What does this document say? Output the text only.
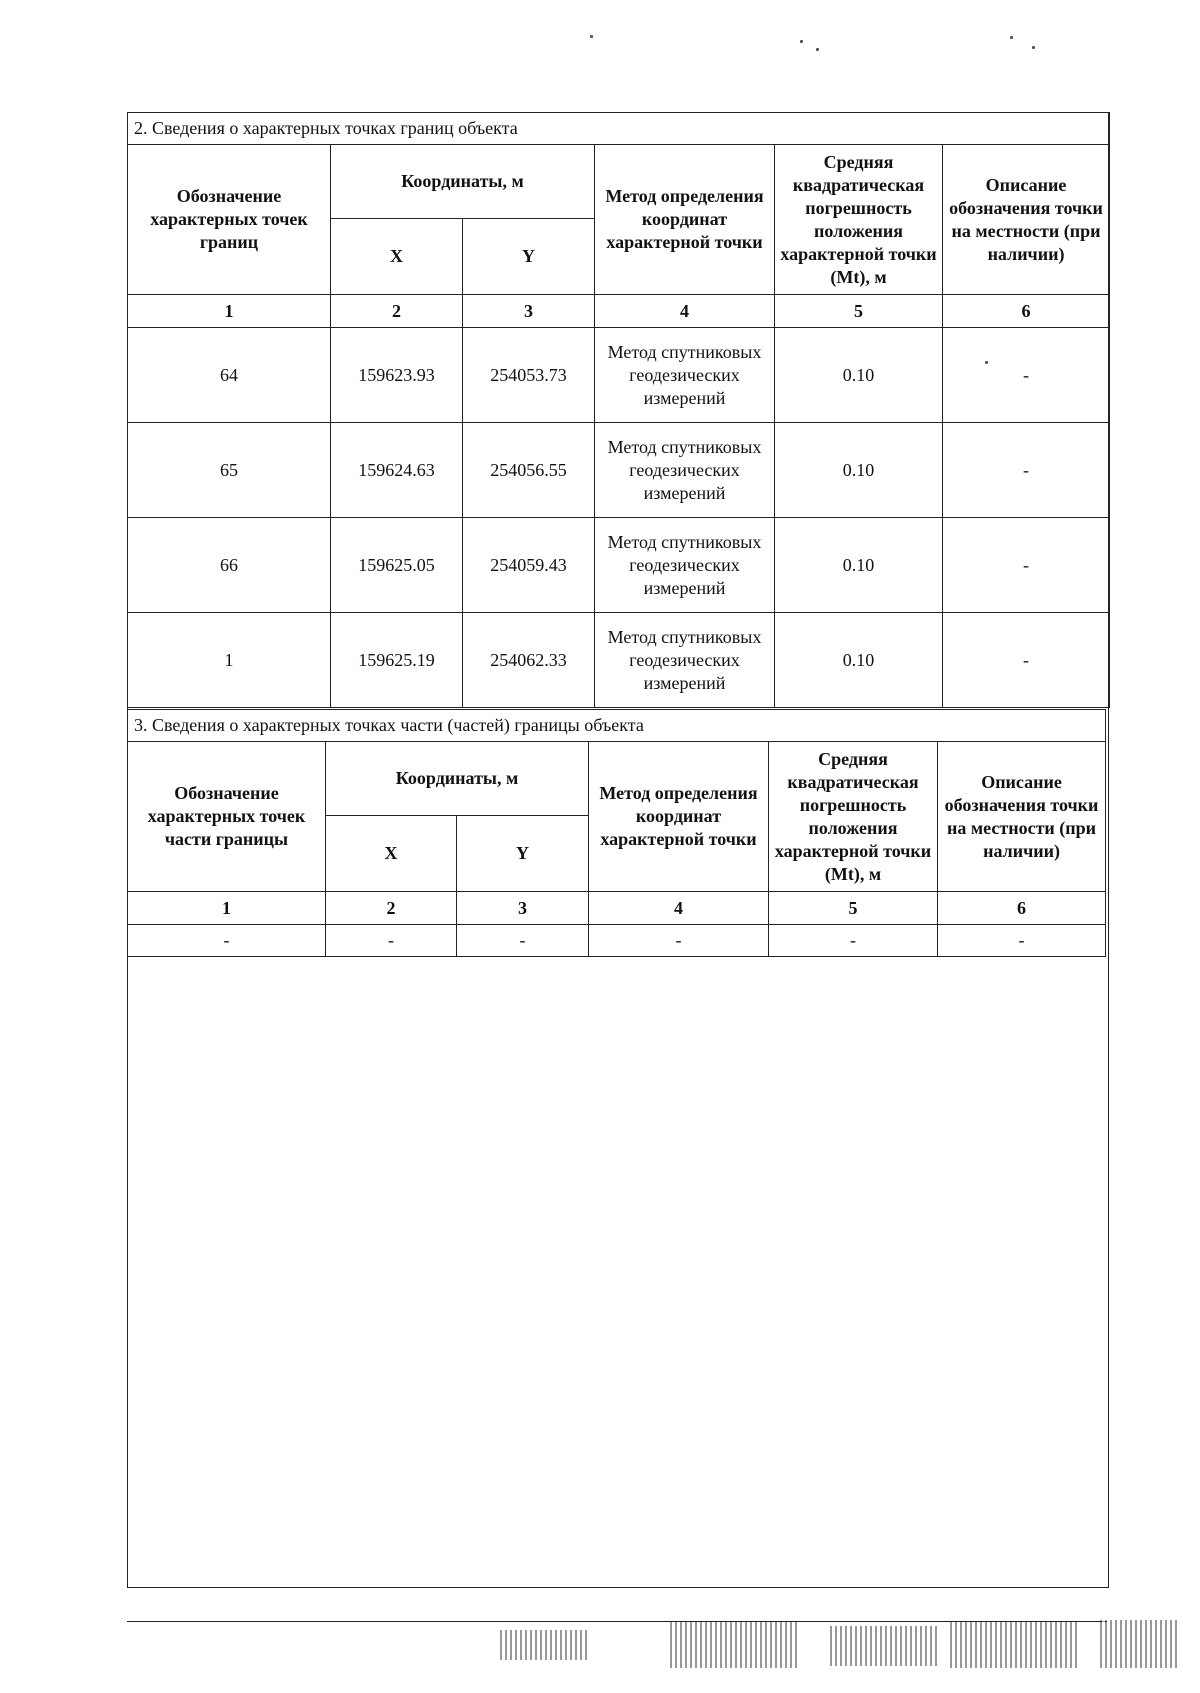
2. Сведения о характерных точках границ объекта					
Обозначение характерных точек границ	Координаты, м		Метод определения координат характерной точки	Средняя квадратическая погрешность положения характерной точки (Mt), м	Описание обозначения точки на местности (при наличии)
	X	Y			
1	2	3	4	5	6
64	159623.93	254053.73	Метод спутниковых геодезических измерений	0.10	-
65	159624.63	254056.55	Метод спутниковых геодезических измерений	0.10	-
66	159625.05	254059.43	Метод спутниковых геодезических измерений	0.10	-
1	159625.19	254062.33	Метод спутниковых геодезических измерений	0.10	-
3. Сведения о характерных точках части (частей) границы объекта					
Обозначение характерных точек части границы	Координаты, м		Метод определения координат характерной точки	Средняя квадратическая погрешность положения характерной точки (Mt), м	Описание обозначения точки на местности (при наличии)
	X	Y			
1	2	3	4	5	6
-	-	-	-	-	-
